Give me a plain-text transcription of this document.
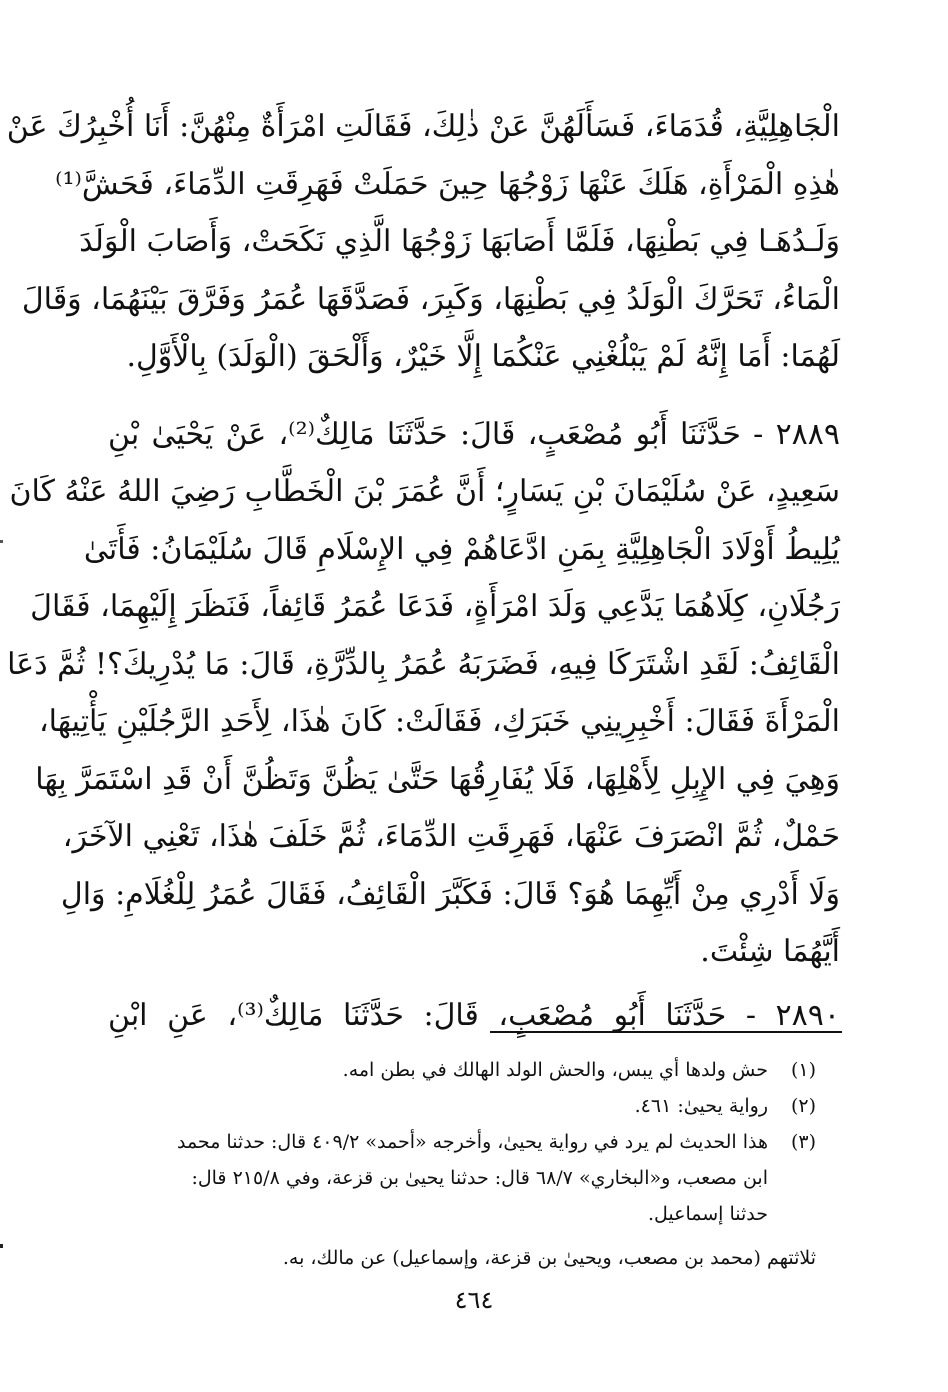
الْجَاهِلِيَّةِ، قُدَمَاءَ، فَسَأَلَهُنَّ عَنْ ذٰلِكَ، فَقَالَتِ امْرَأَةٌ مِنْهُنَّ: أَنَا أُخْبِرُكَ عَنْ
هٰذِهِ الْمَرْأَةِ، هَلَكَ عَنْهَا زَوْجُهَا حِينَ حَمَلَتْ فَهَرِقَتِ الدِّمَاءَ، فَحَشَّ⁽¹⁾
وَلَـدُهَـا فِي بَطْنِهَا، فَلَمَّا أَصَابَهَا زَوْجُهَا الَّذِي نَكَحَتْ، وَأَصَابَ الْوَلَدَ
الْمَاءُ، تَحَرَّكَ الْوَلَدُ فِي بَطْنِهَا، وَكَبِرَ، فَصَدَّقَهَا عُمَرُ وَفَرَّقَ بَيْنَهُمَا، وَقَالَ
لَهُمَا: أَمَا إِنَّهُ لَمْ يَبْلُغْنِي عَنْكُمَا إِلَّا خَيْرٌ، وَأَلْحَقَ (الْوَلَدَ) بِالْأَوَّلِ.
٢٨٨٩ - حَدَّثَنَا أَبُو مُصْعَبٍ، قَالَ: حَدَّثَنَا مَالِكٌ⁽²⁾، عَنْ يَحْيَىٰ بْنِ
سَعِيدٍ، عَنْ سُلَيْمَانَ بْنِ يَسَارٍ؛ أَنَّ عُمَرَ بْنَ الْخَطَّابِ رَضِيَ اللهُ عَنْهُ كَانَ
يُلِيطُ أَوْلَادَ الْجَاهِلِيَّةِ بِمَنِ ادَّعَاهُمْ فِي الإِسْلَامِ قَالَ سُلَيْمَانُ: فَأَتَىٰ
رَجُلَانِ، كِلَاهُمَا يَدَّعِي وَلَدَ امْرَأَةٍ، فَدَعَا عُمَرُ قَائِفاً، فَنَظَرَ إِلَيْهِمَا، فَقَالَ
الْقَائِفُ: لَقَدِ اشْتَرَكَا فِيهِ، فَضَرَبَهُ عُمَرُ بِالدِّرَّةِ، قَالَ: مَا يُدْرِيكَ؟! ثُمَّ دَعَا
الْمَرْأَةَ فَقَالَ: أَخْبِرِينِي خَبَرَكِ، فَقَالَتْ: كَانَ هٰذَا، لِأَحَدِ الرَّجُلَيْنِ يَأْتِيهَا،
وَهِيَ فِي الإِبِلِ لِأَهْلِهَا، فَلَا يُفَارِقُهَا حَتَّىٰ يَظُنَّ وَتَظُنَّ أَنْ قَدِ اسْتَمَرَّ بِهَا
حَمْلٌ، ثُمَّ انْصَرَفَ عَنْهَا، فَهَرِقَتِ الدِّمَاءَ، ثُمَّ خَلَفَ هٰذَا، تَعْنِي الآخَرَ،
وَلَا أَدْرِي مِنْ أَيِّهِمَا هُوَ؟ قَالَ: فَكَبَّرَ الْقَائِفُ، فَقَالَ عُمَرُ لِلْغُلَامِ: وَالِ
أَيَّهُمَا شِئْتَ.
٢٨٩٠ - حَدَّثَنَا أَبُو مُصْعَبٍ، قَالَ: حَدَّثَنَا مَالِكٌ⁽³⁾، عَنِ ابْنِ
(١)
حش ولدها أي يبس، والحش الولد الهالك في بطن امه.
(٢)
رواية يحيىٰ: ٤٦١.
(٣)
هذا الحديث لم يرد في رواية يحيىٰ، وأخرجه «أحمد» ٤٠٩/٢ قال: حدثنا محمد
ابن مصعب، و«البخاري» ٦٨/٧ قال: حدثنا يحيىٰ بن قزعة، وفي ٢١٥/٨ قال:
حدثنا إسماعيل.
ثلاثتهم (محمد بن مصعب، ويحيىٰ بن قزعة، وإسماعيل) عن مالك، به.
٤٦٤
